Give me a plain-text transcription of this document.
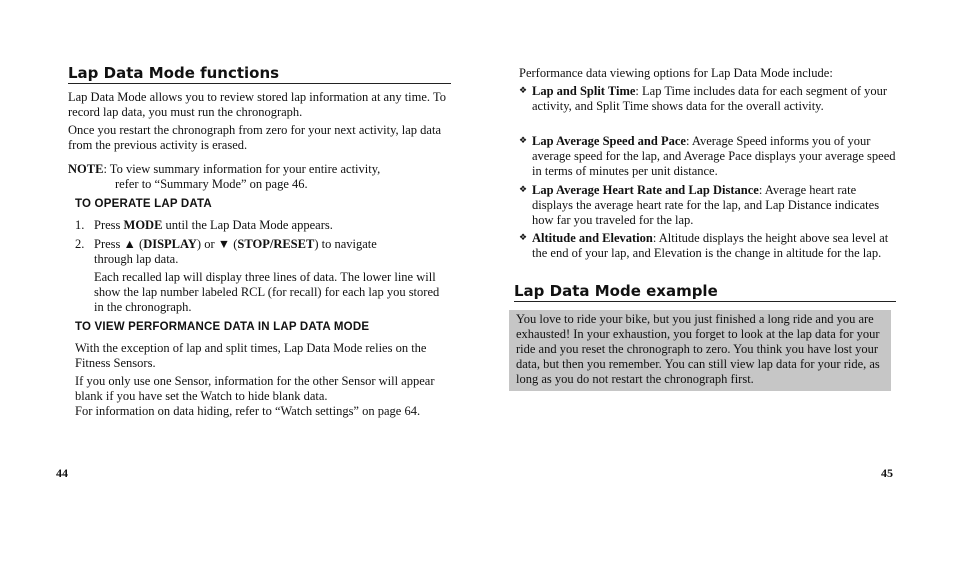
Lap Data Mode functions

Lap Data Mode allows you to review stored lap information at any time. To record lap data, you must run the chronograph.

Once you restart the chronograph from zero for your next activity, lap data from the previous activity is erased.

NOTE: To view summary information for your entire activity,
refer to “Summary Mode” on page 46.
TO OPERATE LAP DATA
1. Press MODE until the Lap Data Mode appears.
2. Press ▲ (DISPLAY) or ▼ (STOP/RESET) to navigate
through lap data.

Each recalled lap will display three lines of data. The lower line will show the lap number labeled RCL (for recall) for each lap you stored in the chronograph.

TO VIEW PERFORMANCE DATA IN LAP DATA MODE

With the exception of lap and split times, Lap Data Mode relies on the Fitness Sensors.

If you only use one Sensor, information for the other Sensor will appear blank if you have set the Watch to hide blank data.

For information on data hiding, refer to “Watch settings” on page 64.

44

Performance data viewing options for Lap Data Mode include:

❖ Lap and Split Time: Lap Time includes data for each segment of your activity, and Split Time shows data for the overall activity.

❖ Lap Average Speed and Pace: Average Speed informs you of your average speed for the lap, and Average Pace displays your average speed in terms of minutes per unit distance.

❖ Lap Average Heart Rate and Lap Distance: Average heart rate displays the average heart rate for the lap, and Lap Distance indicates how far you traveled for the lap.

❖ Altitude and Elevation: Altitude displays the height above sea level at the end of your lap, and Elevation is the change in altitude for the lap.

Lap Data Mode example

You love to ride your bike, but you just finished a long ride and you are exhausted! In your exhaustion, you forget to look at the lap data for your ride and you reset the chronograph to zero. You think you have lost your data, but then you remember. You can still view lap data for your ride, as long as you do not restart the chronograph first.

45
